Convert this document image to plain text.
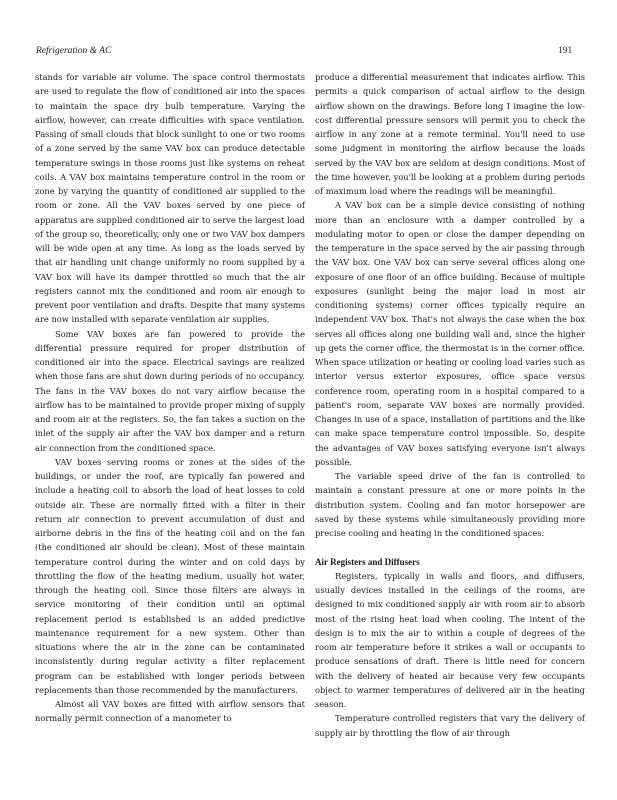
Refrigeration & AC	191

stands for variable air volume. The space control thermostats are used to regulate the flow of conditioned air into the spaces to maintain the space dry bulb temperature. Varying the airflow, however, can create difficulties with space ventilation. Passing of small clouds that block sunlight to one or two rooms of a zone served by the same VAV box can produce detectable temperature swings in those rooms just like systems on reheat coils. A VAV box maintains temperature control in the room or zone by varying the quantity of conditioned air supplied to the room or zone. All the VAV boxes served by one piece of apparatus are supplied conditioned air to serve the largest load of the group so, theoretically, only one or two VAV box dampers will be wide open at any time. As long as the loads served by that air handling unit change uniformly no room supplied by a VAV box will have its damper throttled so much that the air registers cannot mix the conditioned and room air enough to prevent poor ventilation and drafts. Despite that many systems are now installed with separate ventilation air supplies.

Some VAV boxes are fan powered to provide the differential pressure required for proper distribution of conditioned air into the space. Electrical savings are realized when those fans are shut down during periods of no occupancy. The fans in the VAV boxes do not vary airflow because the airflow has to be maintained to provide proper mixing of supply and room air at the registers. So, the fan takes a suction on the inlet of the supply air after the VAV box damper and a return air connection from the conditioned space.

VAV boxes serving rooms or zones at the sides of the buildings, or under the roof, are typically fan powered and include a heating coil to absorb the load of heat losses to cold outside air. These are normally fitted with a filter in their return air connection to prevent accumulation of dust and airborne debris in the fins of the heating coil and on the fan (the conditioned air should be clean). Most of these maintain temperature control during the winter and on cold days by throttling the flow of the heating medium, usually hot water, through the heating coil. Since those filters are always in service monitoring of their condition until an optimal replacement period is established is an added predictive maintenance requirement for a new system. Other than situations where the air in the zone can be contaminated inconsistently during regular activity a filter replacement program can be established with longer periods between replacements than those recommended by the manufacturers.

Almost all VAV boxes are fitted with airflow sensors that normally permit connection of a manometer to

produce a differential measurement that indicates airflow. This permits a quick comparison of actual airflow to the design airflow shown on the drawings. Before long I imagine the low-cost differential pressure sensors will permit you to check the airflow in any zone at a remote terminal. You'll need to use some judgment in monitoring the airflow because the loads served by the VAV box are seldom at design conditions. Most of the time however, you'll be looking at a problem during periods of maximum load where the readings will be meaningful.

A VAV box can be a simple device consisting of nothing more than an enclosure with a damper controlled by a modulating motor to open or close the damper depending on the temperature in the space served by the air passing through the VAV box. One VAV box can serve several offices along one exposure of one floor of an office building. Because of multiple exposures (sunlight being the major load in most air conditioning systems) corner offices typically require an independent VAV box. That's not always the case when the box serves all offices along one building wall and, since the higher up gets the corner office, the thermostat is in the corner office. When space utilization or heating or cooling load varies such as interior versus exterior exposures, office space versus conference room, operating room in a hospital compared to a patient's room, separate VAV boxes are normally provided. Changes in use of a space, installation of partitions and the like can make space temperature control impossible. So, despite the advantages of VAV boxes satisfying everyone isn't always possible.

The variable speed drive of the fan is controlled to maintain a constant pressure at one or more points in the distribution system. Cooling and fan motor horsepower are saved by these systems while simultaneously providing more precise cooling and heating in the conditioned spaces.

Air Registers and Diffusers

Registers, typically in walls and floors, and diffusers, usually devices installed in the ceilings of the rooms, are designed to mix conditioned supply air with room air to absorb most of the rising heat load when cooling. The intent of the design is to mix the air to within a couple of degrees of the room air temperature before it strikes a wall or occupants to produce sensations of draft. There is little need for concern with the delivery of heated air because very few occupants object to warmer temperatures of delivered air in the heating season.

Temperature controlled registers that vary the delivery of supply air by throttling the flow of air through
